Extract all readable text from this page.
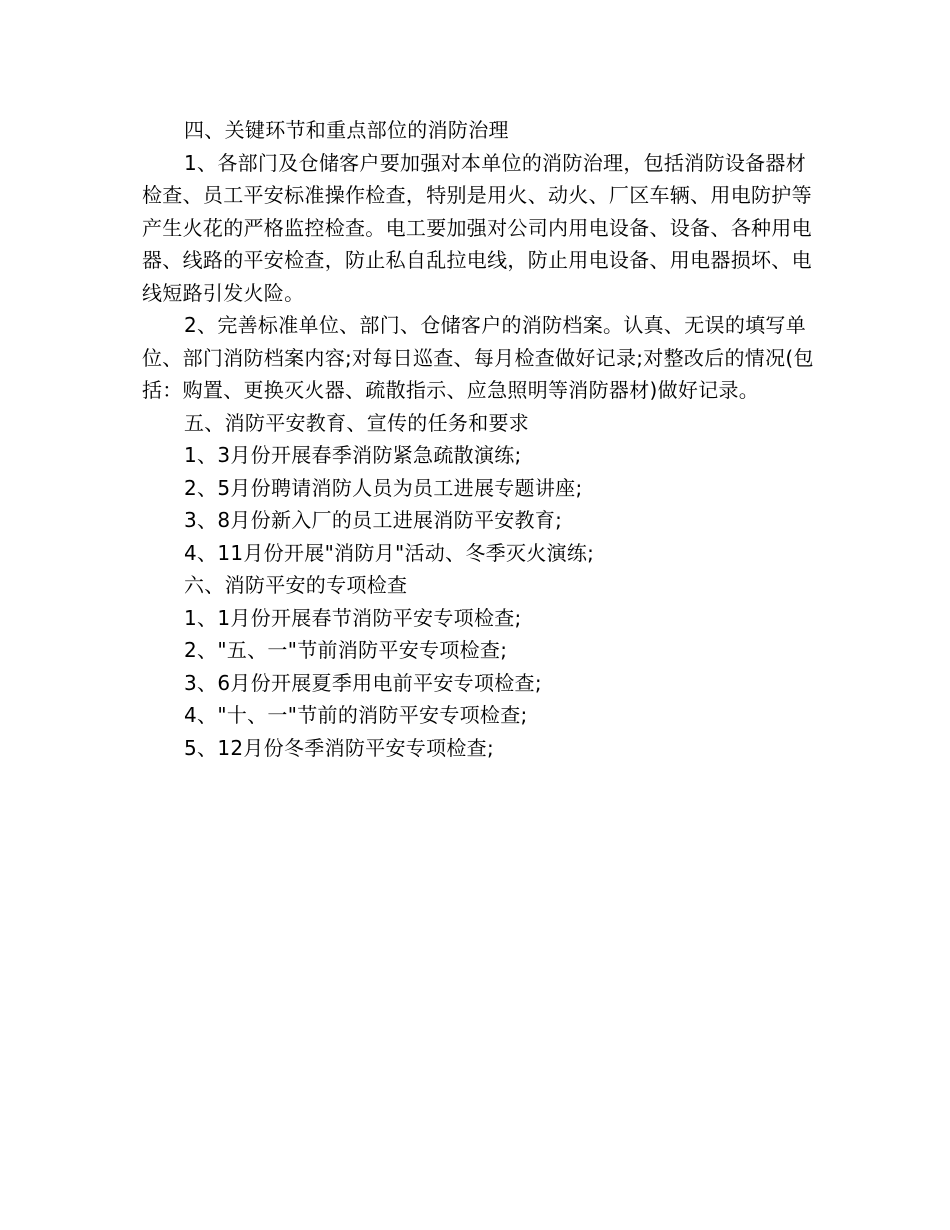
四、关键环节和重点部位的消防治理

1、各部门及仓储客户要加强对本单位的消防治理，包括消防设备器材检查、员工平安标准操作检查，特别是用火、动火、厂区车辆、用电防护等产生火花的严格监控检查。电工要加强对公司内用电设备、设备、各种用电器、线路的平安检查，防止私自乱拉电线，防止用电设备、用电器损坏、电线短路引发火险。

2、完善标准单位、部门、仓储客户的消防档案。认真、无误的填写单位、部门消防档案内容;对每日巡查、每月检查做好记录;对整改后的情况(包括：购置、更换灭火器、疏散指示、应急照明等消防器材)做好记录。

五、消防平安教育、宣传的任务和要求

1、3月份开展春季消防紧急疏散演练;

2、5月份聘请消防人员为员工进展专题讲座;

3、8月份新入厂的员工进展消防平安教育;

4、11月份开展"消防月"活动、冬季灭火演练;

六、消防平安的专项检查

1、1月份开展春节消防平安专项检查;

2、"五、一"节前消防平安专项检查;

3、6月份开展夏季用电前平安专项检查;

4、"十、一"节前的消防平安专项检查;

5、12月份冬季消防平安专项检查;
